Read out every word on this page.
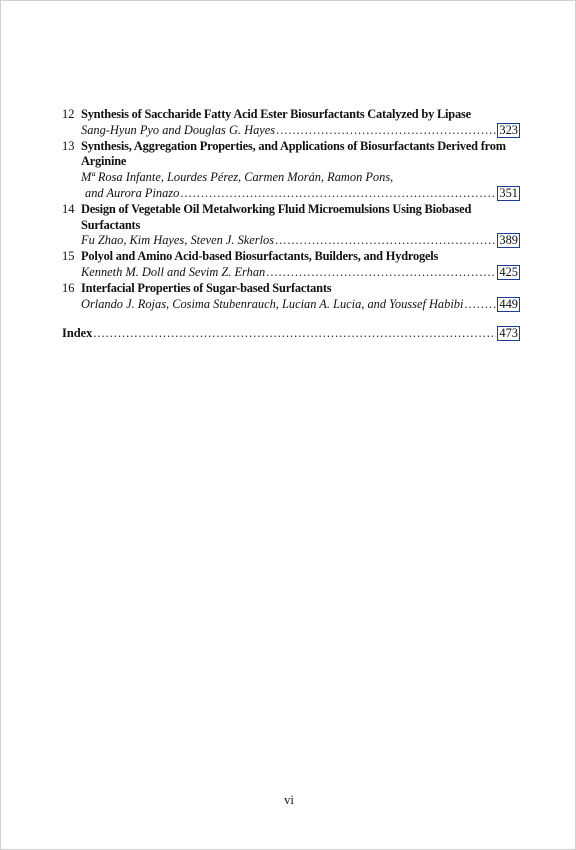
12 Synthesis of Saccharide Fatty Acid Ester Biosurfactants Catalyzed by Lipase
Sang-Hyun Pyo and Douglas G. Hayes .....	323
13 Synthesis, Aggregation Properties, and Applications of Biosurfactants Derived from Arginine
Mª Rosa Infante, Lourdes Pérez, Carmen Morán, Ramon Pons,
and Aurora Pinazo .....	351
14 Design of Vegetable Oil Metalworking Fluid Microemulsions Using Biobased Surfactants
Fu Zhao, Kim Hayes, Steven J. Skerlos .....	389
15 Polyol and Amino Acid-based Biosurfactants, Builders, and Hydrogels
Kenneth M. Doll and Sevim Z. Erhan .....	425
16 Interfacial Properties of Sugar-based Surfactants
Orlando J. Rojas, Cosima Stubenrauch, Lucian A. Lucia, and Youssef Habibi .....	449
Index .....	473
vi
